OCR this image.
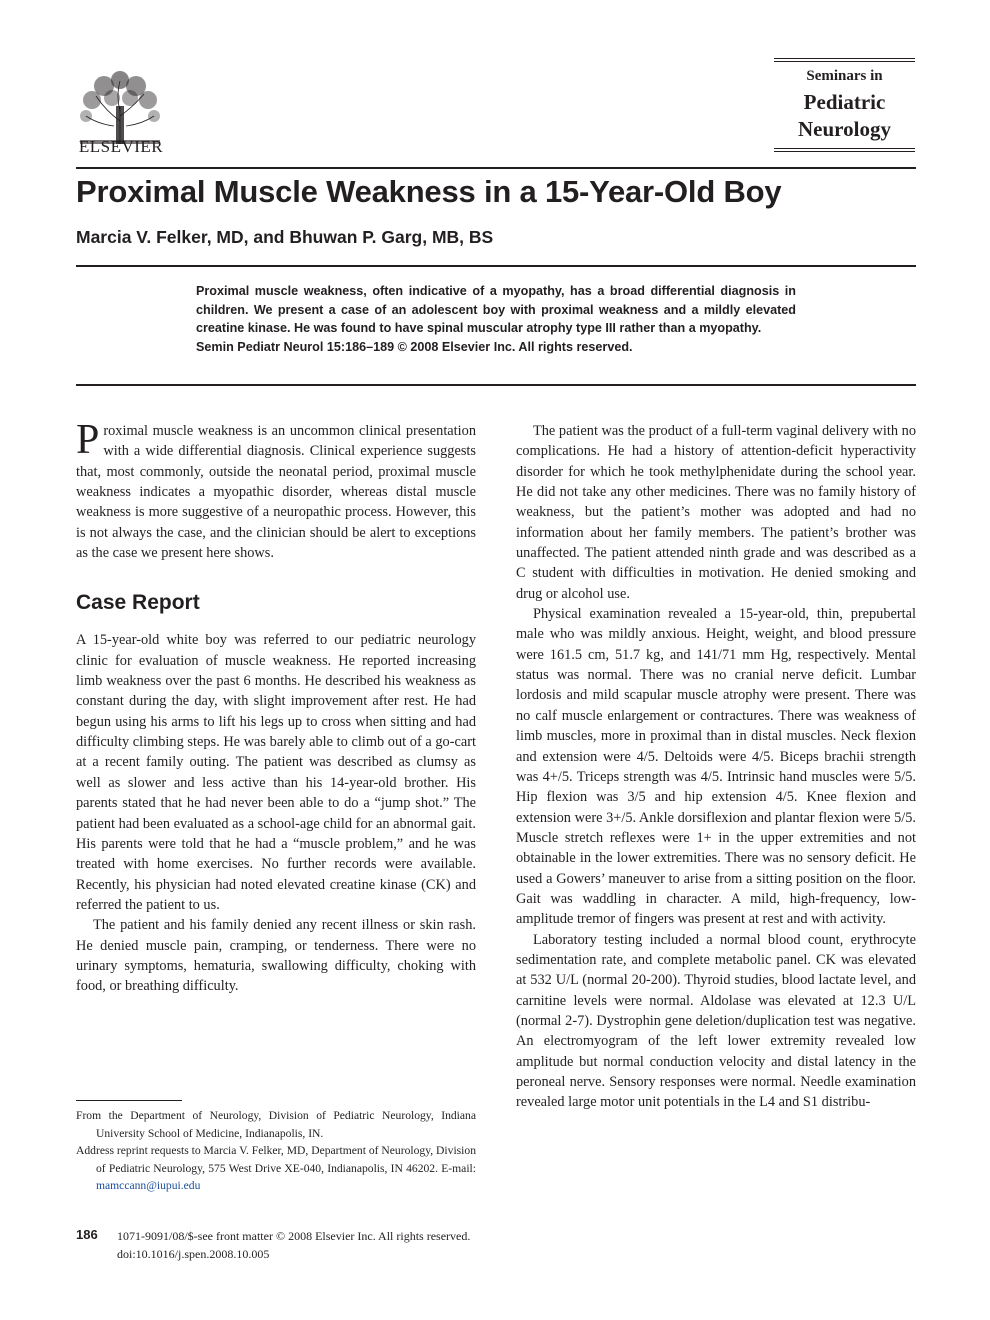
ELSEVIER
Seminars in
Pediatric
Neurology
Proximal Muscle Weakness in a 15-Year-Old Boy
Marcia V. Felker, MD, and Bhuwan P. Garg, MB, BS

Proximal muscle weakness, often indicative of a myopathy, has a broad differential diagnosis in children. We present a case of an adolescent boy with proximal weakness and a mildly elevated creatine kinase. He was found to have spinal muscular atrophy type III rather than a myopathy.

Semin Pediatr Neurol 15:186–189 © 2008 Elsevier Inc. All rights reserved.

Proximal muscle weakness is an uncommon clinical presentation with a wide differential diagnosis. Clinical experience suggests that, most commonly, outside the neonatal period, proximal muscle weakness indicates a myopathic disorder, whereas distal muscle weakness is more suggestive of a neuropathic process. However, this is not always the case, and the clinician should be alert to exceptions as the case we present here shows.

Case Report

A 15-year-old white boy was referred to our pediatric neurology clinic for evaluation of muscle weakness. He reported increasing limb weakness over the past 6 months. He described his weakness as constant during the day, with slight improvement after rest. He had begun using his arms to lift his legs up to cross when sitting and had difficulty climbing steps. He was barely able to climb out of a go-cart at a recent family outing. The patient was described as clumsy as well as slower and less active than his 14-year-old brother. His parents stated that he had never been able to do a “jump shot.” The patient had been evaluated as a school-age child for an abnormal gait. His parents were told that he had a “muscle problem,” and he was treated with home exercises. No further records were available. Recently, his physician had noted elevated creatine kinase (CK) and referred the patient to us.

The patient and his family denied any recent illness or skin rash. He denied muscle pain, cramping, or tenderness. There were no urinary symptoms, hematuria, swallowing difficulty, choking with food, or breathing difficulty.

The patient was the product of a full-term vaginal delivery with no complications. He had a history of attention-deficit hyperactivity disorder for which he took methylphenidate during the school year. He did not take any other medicines. There was no family history of weakness, but the patient’s mother was adopted and had no information about her family members. The patient’s brother was unaffected. The patient attended ninth grade and was described as a C student with difficulties in motivation. He denied smoking and drug or alcohol use.

Physical examination revealed a 15-year-old, thin, prepubertal male who was mildly anxious. Height, weight, and blood pressure were 161.5 cm, 51.7 kg, and 141/71 mm Hg, respectively. Mental status was normal. There was no cranial nerve deficit. Lumbar lordosis and mild scapular muscle atrophy were present. There was no calf muscle enlargement or contractures. There was weakness of limb muscles, more in proximal than in distal muscles. Neck flexion and extension were 4/5. Deltoids were 4/5. Biceps brachii strength was 4+/5. Triceps strength was 4/5. Intrinsic hand muscles were 5/5. Hip flexion was 3/5 and hip extension 4/5. Knee flexion and extension were 3+/5. Ankle dorsiflexion and plantar flexion were 5/5. Muscle stretch reflexes were 1+ in the upper extremities and not obtainable in the lower extremities. There was no sensory deficit. He used a Gowers’ maneuver to arise from a sitting position on the floor. Gait was waddling in character. A mild, high-frequency, low-amplitude tremor of fingers was present at rest and with activity.

Laboratory testing included a normal blood count, erythrocyte sedimentation rate, and complete metabolic panel. CK was elevated at 532 U/L (normal 20-200). Thyroid studies, blood lactate level, and carnitine levels were normal. Aldolase was elevated at 12.3 U/L (normal 2-7). Dystrophin gene deletion/duplication test was negative. An electromyogram of the left lower extremity revealed low amplitude but normal conduction velocity and distal latency in the peroneal nerve. Sensory responses were normal. Needle examination revealed large motor unit potentials in the L4 and S1 distribu-

From the Department of Neurology, Division of Pediatric Neurology, Indiana University School of Medicine, Indianapolis, IN.

Address reprint requests to Marcia V. Felker, MD, Department of Neurology, Division of Pediatric Neurology, 575 West Drive XE-040, Indianapolis, IN 46202. E-mail: mamccann@iupui.edu

186 1071-9091/08/$-see front matter © 2008 Elsevier Inc. All rights reserved.

doi:10.1016/j.spen.2008.10.005
